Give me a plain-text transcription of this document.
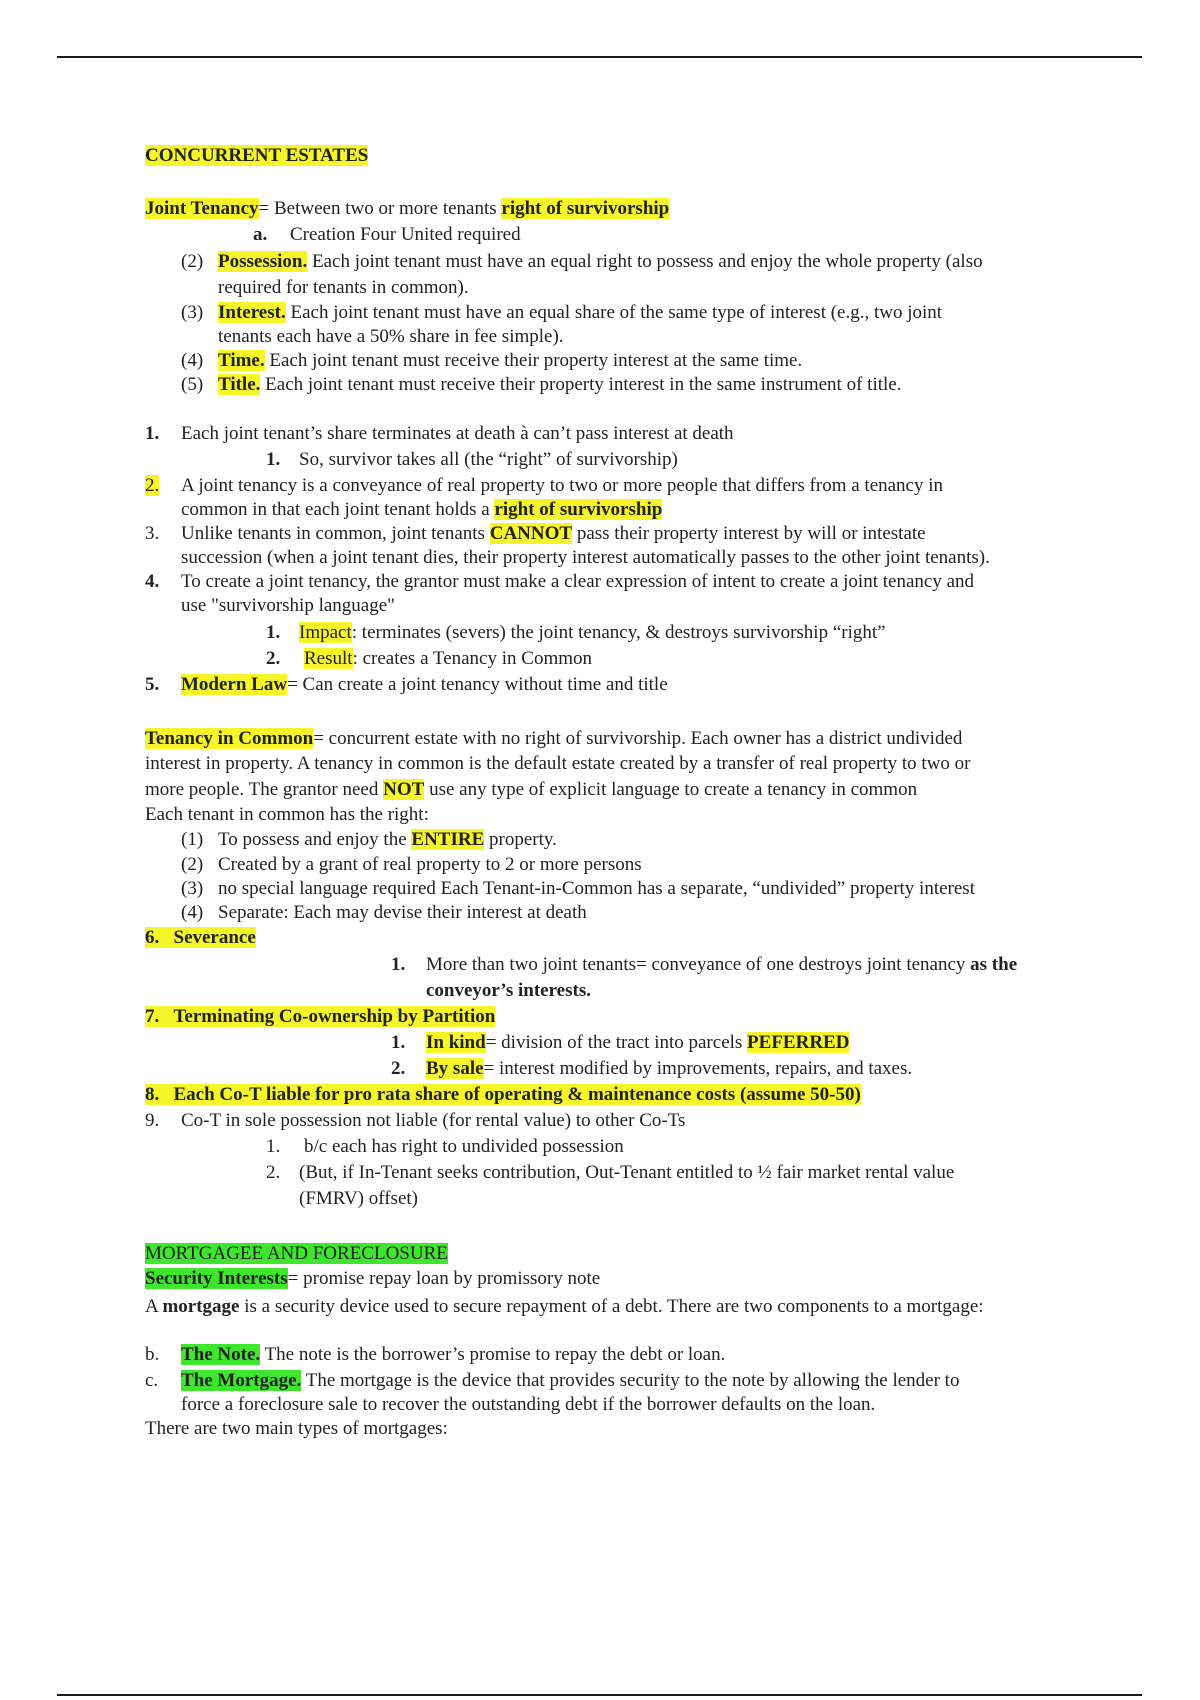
CONCURRENT ESTATES
Joint Tenancy= Between two or more tenants right of survivorship
a. Creation Four United required
(2) Possession. Each joint tenant must have an equal right to possess and enjoy the whole property (also
required for tenants in common).
(3) Interest. Each joint tenant must have an equal share of the same type of interest (e.g., two joint
tenants each have a 50% share in fee simple).
(4) Time. Each joint tenant must receive their property interest at the same time.
(5) Title. Each joint tenant must receive their property interest in the same instrument of title.
1. Each joint tenant’s share terminates at death à can’t pass interest at death
1. So, survivor takes all (the “right” of survivorship)
2. A joint tenancy is a conveyance of real property to two or more people that differs from a tenancy in
common in that each joint tenant holds a right of survivorship
3. Unlike tenants in common, joint tenants CANNOT pass their property interest by will or intestate
succession (when a joint tenant dies, their property interest automatically passes to the other joint tenants).
4. To create a joint tenancy, the grantor must make a clear expression of intent to create a joint tenancy and
use "survivorship language"
1. Impact: terminates (severs) the joint tenancy, & destroys survivorship “right”
2. Result: creates a Tenancy in Common
5. Modern Law= Can create a joint tenancy without time and title
Tenancy in Common= concurrent estate with no right of survivorship. Each owner has a district undivided
interest in property. A tenancy in common is the default estate created by a transfer of real property to two or
more people. The grantor need NOT use any type of explicit language to create a tenancy in common
Each tenant in common has the right:
(1) To possess and enjoy the ENTIRE property.
(2) Created by a grant of real property to 2 or more persons
(3) no special language required Each Tenant-in-Common has a separate, “undivided” property interest
(4) Separate: Each may devise their interest at death
6. Severance
1. More than two joint tenants= conveyance of one destroys joint tenancy as the
conveyor’s interests.
7. Terminating Co-ownership by Partition
1. In kind= division of the tract into parcels PEFERRED
2. By sale= interest modified by improvements, repairs, and taxes.
8. Each Co-T liable for pro rata share of operating & maintenance costs (assume 50-50)
9. Co-T in sole possession not liable (for rental value) to other Co-Ts
1. b/c each has right to undivided possession
2. (But, if In-Tenant seeks contribution, Out-Tenant entitled to ½ fair market rental value
(FMRV) offset)
MORTGAGEE AND FORECLOSURE
Security Interests= promise repay loan by promissory note
A mortgage is a security device used to secure repayment of a debt. There are two components to a mortgage:
b. The Note. The note is the borrower’s promise to repay the debt or loan.
c. The Mortgage. The mortgage is the device that provides security to the note by allowing the lender to
force a foreclosure sale to recover the outstanding debt if the borrower defaults on the loan.
There are two main types of mortgages:
